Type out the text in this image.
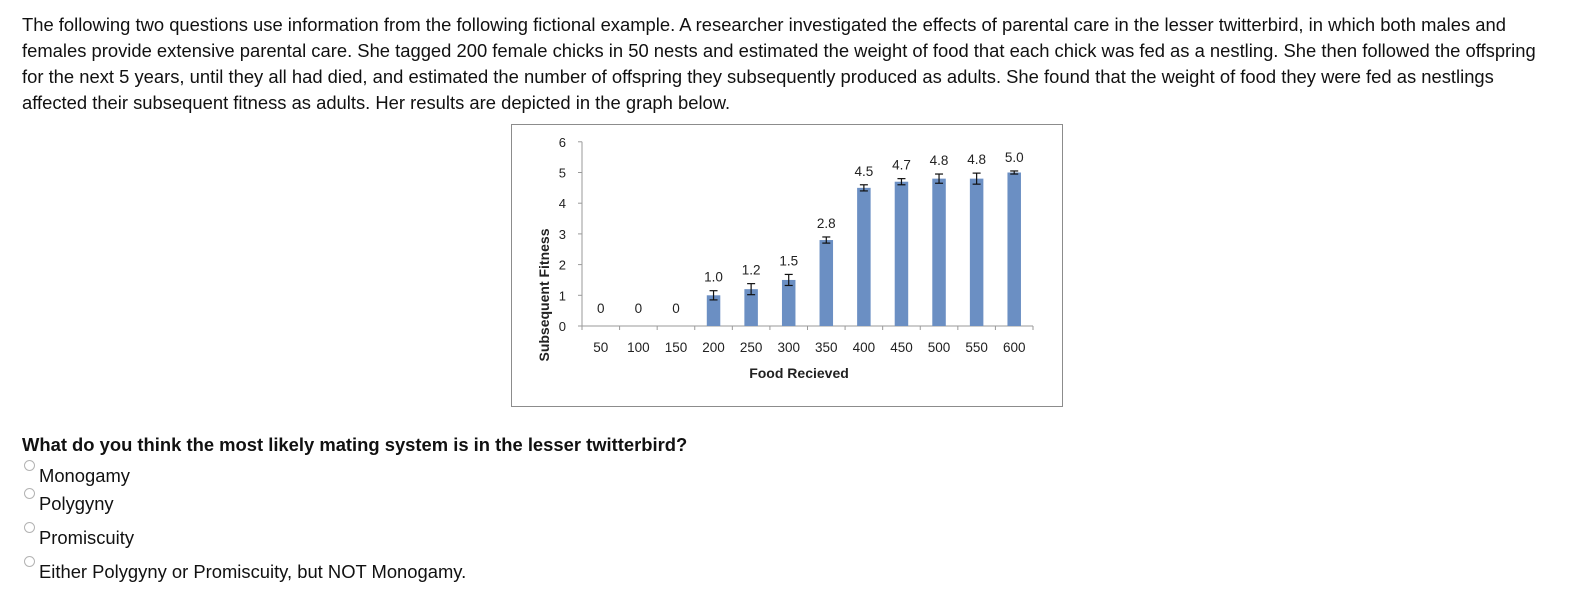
The following two questions use information from the following fictional example. A researcher investigated the effects of parental care in the lesser twitterbird, in which both males and females provide extensive parental care. She tagged 200 female chicks in 50 nests and estimated the weight of food that each chick was fed as a nestling. She then followed the offspring for the next 5 years, until they all had died, and estimated the number of offspring they subsequently produced as adults. She found that the weight of food they were fed as nestlings affected their subsequent fitness as adults. Her results are depicted in the graph below.

Subsequent Fitness
Food Recieved
0
1
2
3
4
5
6
0
50
0
100
0
150
1.0
200
1.2
250
1.5
300
2.8
350
4.5
400
4.7
450
4.8
500
4.8
550
5.0
600

What do you think the most likely mating system is in the lesser twitterbird?

Monogamy
Polygyny
Promiscuity
Either Polygyny or Promiscuity, but NOT Monogamy.
